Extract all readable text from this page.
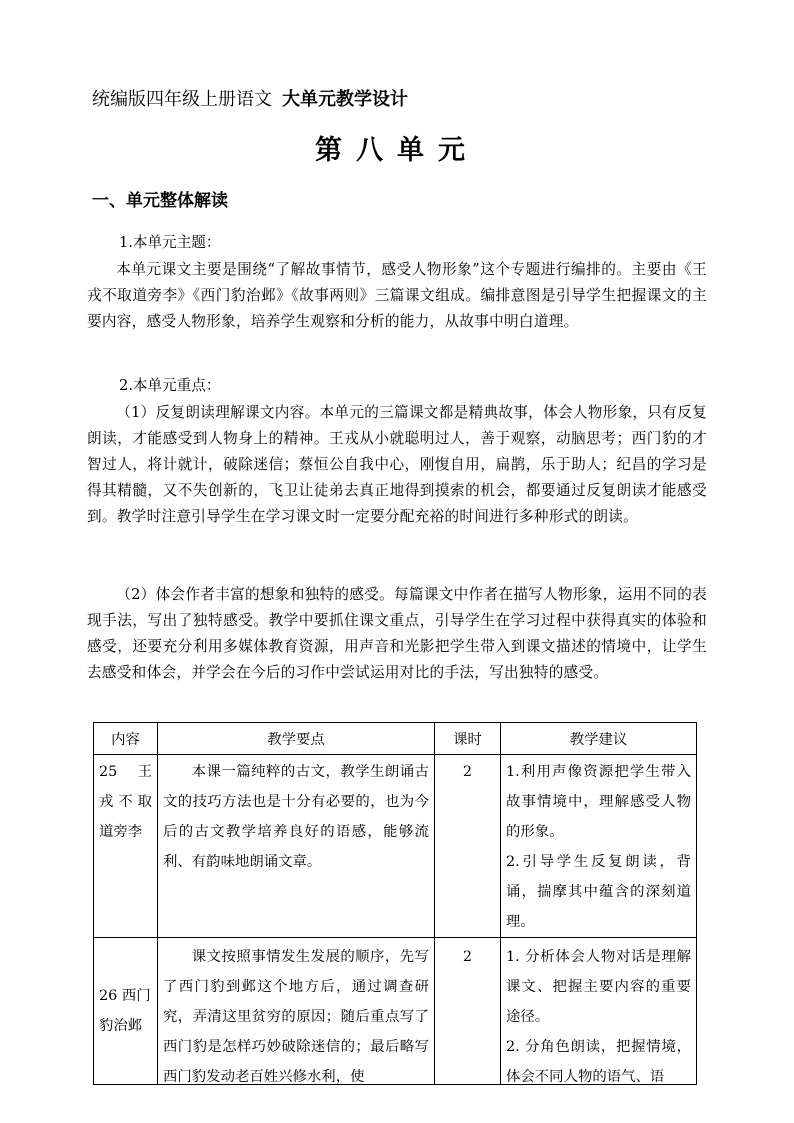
统编版四年级上册语文 大单元教学设计
第八单元
一、单元整体解读
1.本单元主题：

本单元课文主要是围绕“了解故事情节，感受人物形象”这个专题进行编排的。主要由《王戎不取道旁李》《西门豹治邺》《故事两则》三篇课文组成。编排意图是引导学生把握课文的主要内容，感受人物形象，培养学生观察和分析的能力，从故事中明白道理。

2.本单元重点：

（1）反复朗读理解课文内容。本单元的三篇课文都是精典故事，体会人物形象，只有反复朗读，才能感受到人物身上的精神。王戎从小就聪明过人，善于观察，动脑思考；西门豹的才智过人，将计就计，破除迷信；蔡恒公自我中心，刚愎自用，扁鹊，乐于助人；纪昌的学习是得其精髓，又不失创新的，飞卫让徒弟去真正地得到摸索的机会，都要通过反复朗读才能感受到。教学时注意引导学生在学习课文时一定要分配充裕的时间进行多种形式的朗读。

（2）体会作者丰富的想象和独特的感受。每篇课文中作者在描写人物形象，运用不同的表现手法，写出了独特感受。教学中要抓住课文重点，引导学生在学习过程中获得真实的体验和感受，还要充分利用多媒体教育资源，用声音和光影把学生带入到课文描述的情境中，让学生去感受和体会，并学会在今后的习作中尝试运用对比的手法，写出独特的感受。

内容	教学要点	课时	教学建议

25　王戎不取道旁李	本课一篇纯粹的古文，教学生朗诵古文的技巧方法也是十分有必要的，也为今后的古文教学培养良好的语感，能够流利、有韵味地朗诵文章。	2	1.利用声像资源把学生带入故事情境中，理解感受人物的形象。

2.引导学生反复朗读，背诵，揣摩其中蕴含的深刻道理。

26 西门豹治邺	课文按照事情发生发展的顺序，先写了西门豹到邺这个地方后，通过调查研究，弄清这里贫穷的原因；随后重点写了西门豹是怎样巧妙破除迷信的；最后略写西门豹发动老百姓兴修水利，使	2	1. 分析体会人物对话是理解课文、把握主要内容的重要途径。

2. 分角色朗读，把握情境，体会不同人物的语气、语
